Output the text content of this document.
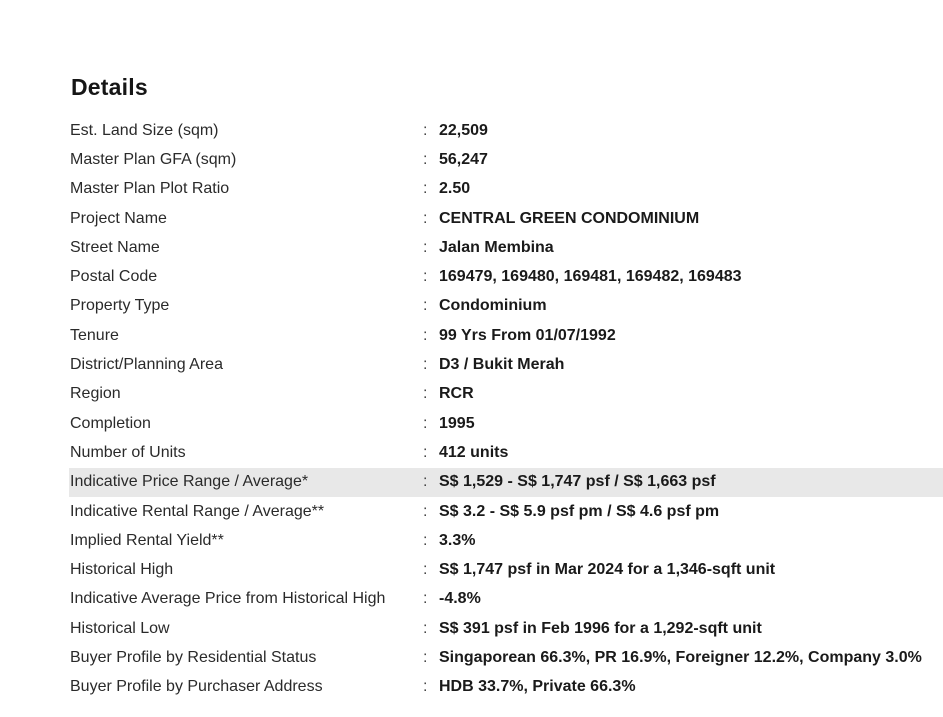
Details
Est. Land Size (sqm)	: 22,509
Master Plan GFA (sqm)	: 56,247
Master Plan Plot Ratio	: 2.50
Project Name	: CENTRAL GREEN CONDOMINIUM
Street Name	: Jalan Membina
Postal Code	: 169479, 169480, 169481, 169482, 169483
Property Type	: Condominium
Tenure	: 99 Yrs From 01/07/1992
District/Planning Area	: D3 / Bukit Merah
Region	: RCR
Completion	: 1995
Number of Units	: 412 units
Indicative Price Range / Average*	: S$ 1,529 - S$ 1,747 psf / S$ 1,663 psf
Indicative Rental Range / Average**	: S$ 3.2 - S$ 5.9 psf pm / S$ 4.6 psf pm
Implied Rental Yield**	: 3.3%
Historical High	: S$ 1,747 psf in Mar 2024 for a 1,346-sqft unit
Indicative Average Price from Historical High : -4.8%
Historical Low	: S$ 391 psf in Feb 1996 for a 1,292-sqft unit
Buyer Profile by Residential Status	: Singaporean 66.3%, PR 16.9%, Foreigner 12.2%, Company 3.0%
Buyer Profile by Purchaser Address	: HDB 33.7%, Private 66.3%
